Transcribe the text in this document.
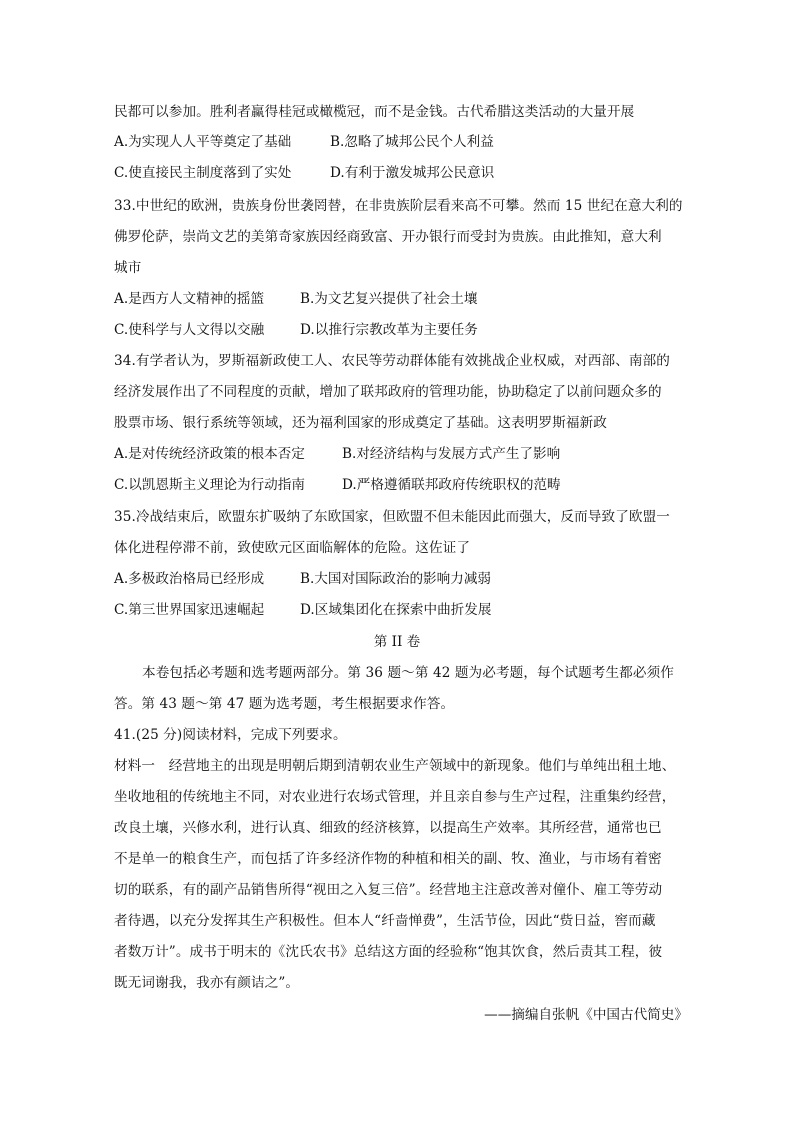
民都可以参加。胜利者赢得桂冠或橄榄冠，而不是金钱。古代希腊这类活动的大量开展
A.为实现人人平等奠定了基础	B.忽略了城邦公民个人利益
C.使直接民主制度落到了实处	D.有利于激发城邦公民意识
33.中世纪的欧洲，贵族身份世袭罔替，在非贵族阶层看来高不可攀。然而 15 世纪在意大利的
佛罗伦萨，崇尚文艺的美第奇家族因经商致富、开办银行而受封为贵族。由此推知，意大利
城市
A.是西方人文精神的摇篮	B.为文艺复兴提供了社会土壤
C.使科学与人文得以交融	D.以推行宗教改革为主要任务
34.有学者认为，罗斯福新政使工人、农民等劳动群体能有效挑战企业权威，对西部、南部的
经济发展作出了不同程度的贡献，增加了联邦政府的管理功能，协助稳定了以前问题众多的
股票市场、银行系统等领域，还为福利国家的形成奠定了基础。这表明罗斯福新政
A.是对传统经济政策的根本否定	B.对经济结构与发展方式产生了影响
C.以凯恩斯主义理论为行动指南	D.严格遵循联邦政府传统职权的范畴
35.冷战结束后，欧盟东扩吸纳了东欧国家，但欧盟不但未能因此而强大，反而导致了欧盟一
体化进程停滞不前，致使欧元区面临解体的危险。这佐证了
A.多极政治格局已经形成	B.大国对国际政治的影响力减弱
C.第三世界国家迅速崛起	D.区域集团化在探索中曲折发展
第 II 卷
本卷包括必考题和选考题两部分。第 36 题～第 42 题为必考题，每个试题考生都必须作
答。第 43 题～第 47 题为选考题，考生根据要求作答。
41.(25 分)阅读材料，完成下列要求。
材料一　经营地主的出现是明朝后期到清朝农业生产领域中的新现象。他们与单纯出租土地、
坐收地租的传统地主不同，对农业进行农场式管理，并且亲自参与生产过程，注重集约经营，
改良土壤，兴修水利，进行认真、细致的经济核算，以提高生产效率。其所经营，通常也已
不是单一的粮食生产，而包括了许多经济作物的种植和相关的副、牧、渔业，与市场有着密
切的联系，有的副产品销售所得“视田之入复三倍”。经营地主注意改善对僮仆、雇工等劳动
者待遇，以充分发挥其生产积极性。但本人“纤啬惮费”，生活节俭，因此“赀日益，窖而藏
者数万计”。成书于明末的《沈氏农书》总结这方面的经验称“饱其饮食，然后责其工程，彼
既无词谢我，我亦有颜诘之”。
——摘编自张帆《中国古代简史》
